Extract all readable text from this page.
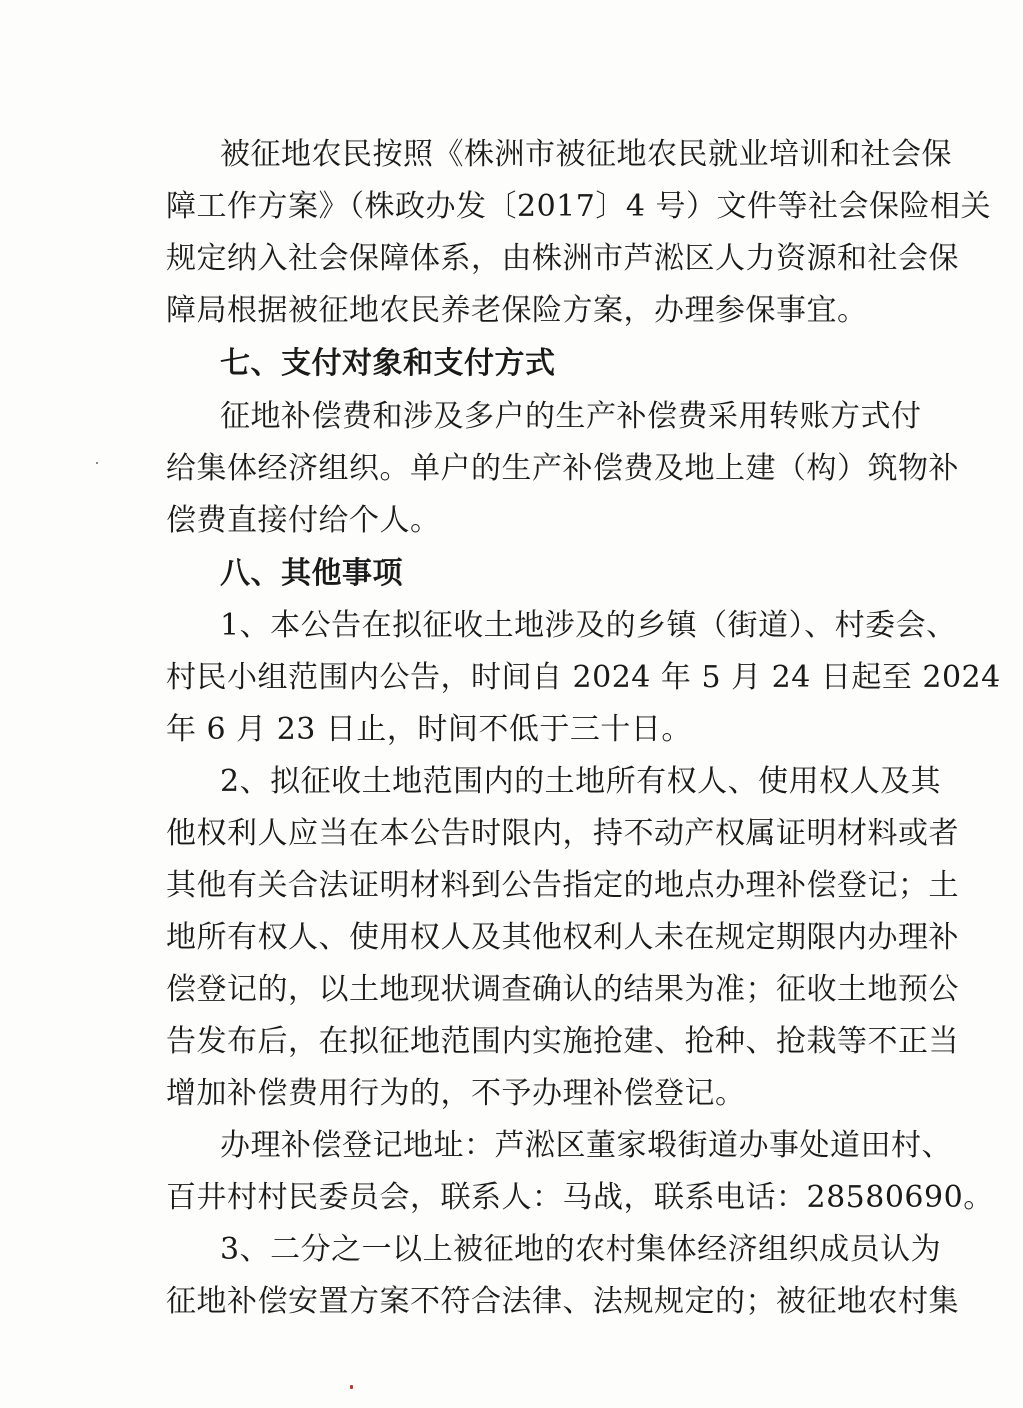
被征地农民按照《株洲市被征地农民就业培训和社会保
障工作方案》（株政办发〔2017〕4 号）文件等社会保险相关
规定纳入社会保障体系，由株洲市芦淞区人力资源和社会保
障局根据被征地农民养老保险方案，办理参保事宜。
七、支付对象和支付方式
征地补偿费和涉及多户的生产补偿费采用转账方式付
给集体经济组织。单户的生产补偿费及地上建（构）筑物补
偿费直接付给个人。
八、其他事项
1、本公告在拟征收土地涉及的乡镇（街道）、村委会、
村民小组范围内公告，时间自 2024 年 5 月 24 日起至 2024
年 6 月 23 日止，时间不低于三十日。
2、拟征收土地范围内的土地所有权人、使用权人及其
他权利人应当在本公告时限内，持不动产权属证明材料或者
其他有关合法证明材料到公告指定的地点办理补偿登记；土
地所有权人、使用权人及其他权利人未在规定期限内办理补
偿登记的，以土地现状调查确认的结果为准；征收土地预公
告发布后，在拟征地范围内实施抢建、抢种、抢栽等不正当
增加补偿费用行为的，不予办理补偿登记。
办理补偿登记地址：芦淞区董家塅街道办事处道田村、
百井村村民委员会，联系人：马战，联系电话：28580690。
3、二分之一以上被征地的农村集体经济组织成员认为
征地补偿安置方案不符合法律、法规规定的；被征地农村集
